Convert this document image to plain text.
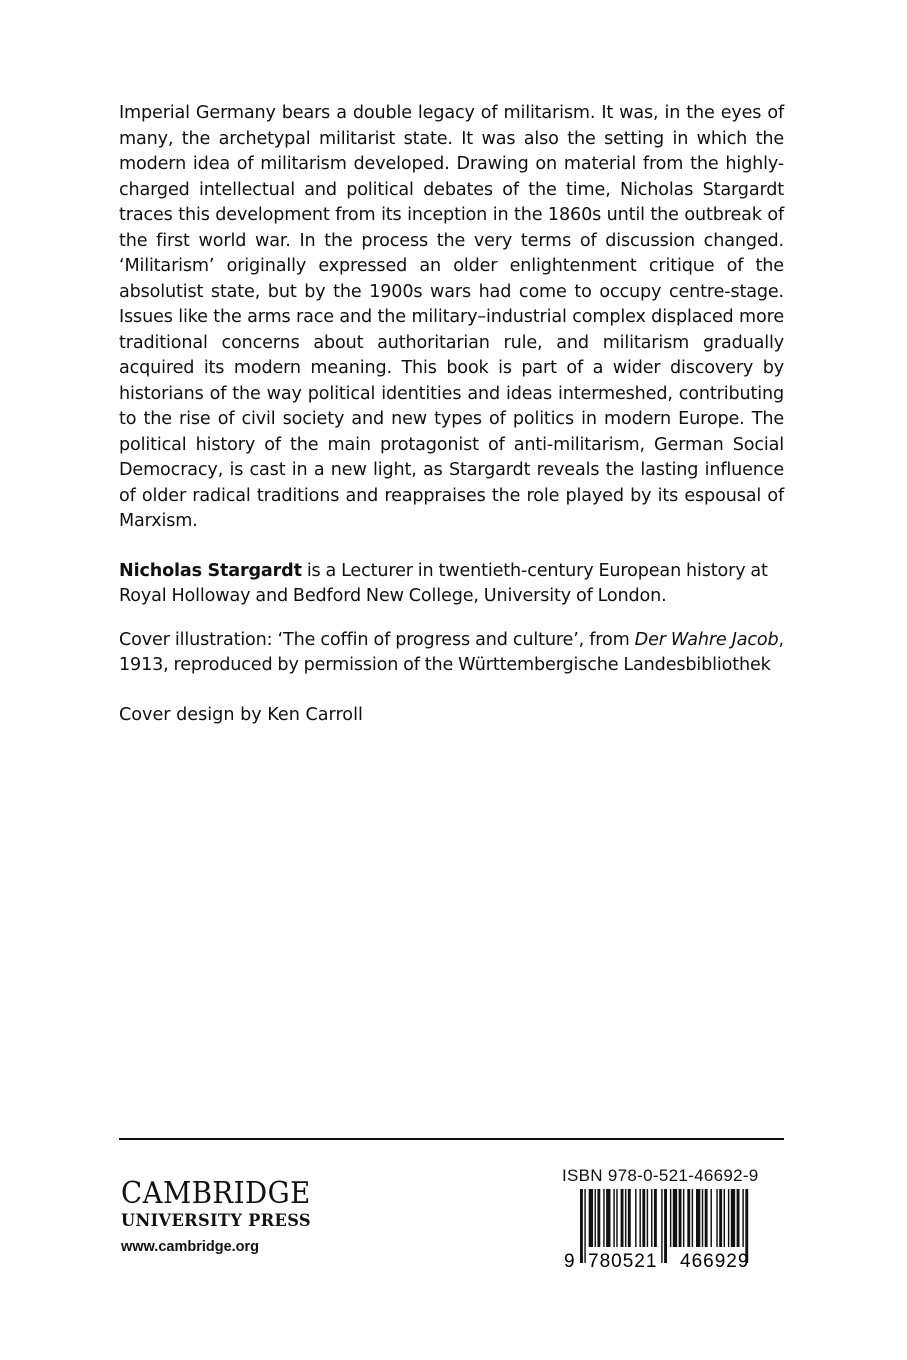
Imperial Germany bears a double legacy of militarism. It was, in the eyes of many, the archetypal militarist state. It was also the setting in which the modern idea of militarism developed. Drawing on material from the highly-charged intellectual and political debates of the time, Nicholas Stargardt traces this development from its inception in the 1860s until the outbreak of the first world war. In the process the very terms of discussion changed. ‘Militarism’ originally expressed an older enlightenment critique of the absolutist state, but by the 1900s wars had come to occupy centre-stage. Issues like the arms race and the military–industrial complex displaced more traditional concerns about authoritarian rule, and militarism gradually acquired its modern meaning. This book is part of a wider discovery by historians of the way political identities and ideas intermeshed, contributing to the rise of civil society and new types of politics in modern Europe. The political history of the main protagonist of anti-militarism, German Social Democracy, is cast in a new light, as Stargardt reveals the lasting influence of older radical traditions and reappraises the role played by its espousal of Marxism.

Nicholas Stargardt is a Lecturer in twentieth-century European history at Royal Holloway and Bedford New College, University of London.

Cover illustration: ‘The coffin of progress and culture’, from Der Wahre Jacob, 1913, reproduced by permission of the Württembergische Landesbibliothek

Cover design by Ken Carroll

CAMBRIDGE
UNIVERSITY PRESS
www.cambridge.org
ISBN 978-0-521-46692-9
9 780521 466929
